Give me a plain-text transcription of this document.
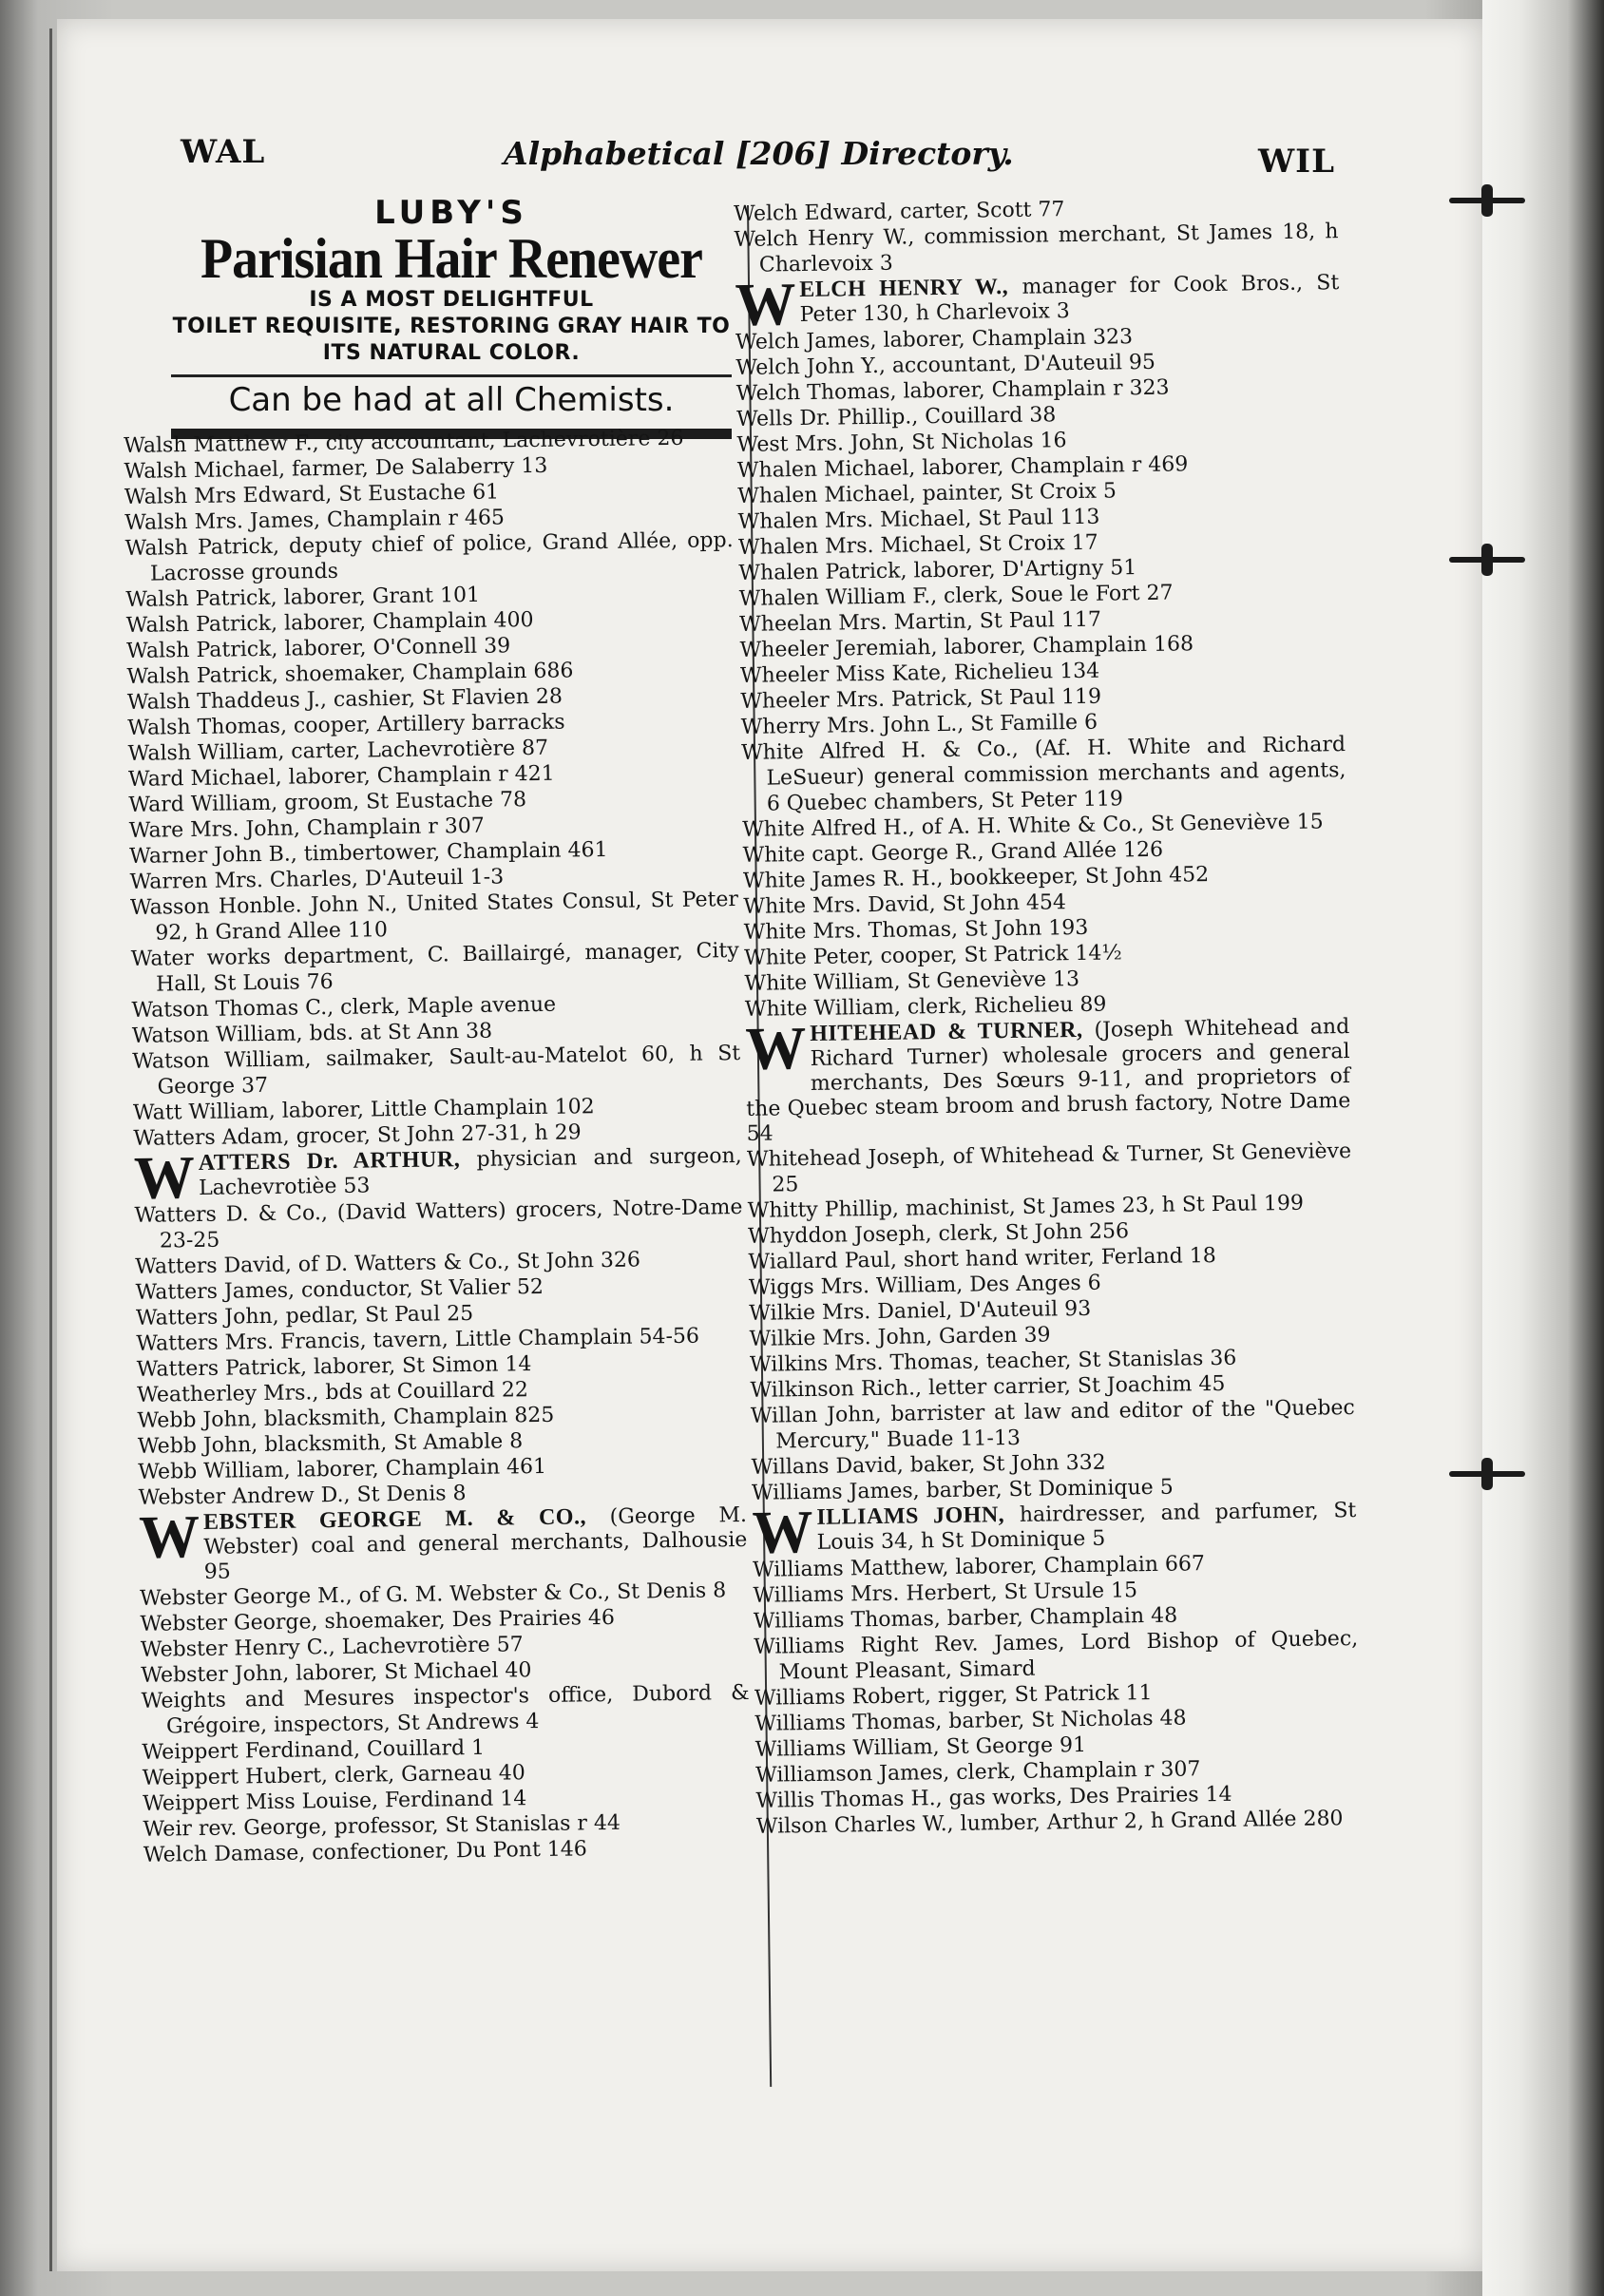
WAL	Alphabetical [206] Directory.	WIL
LUBY'S
Parisian Hair Renewer
IS A MOST DELIGHTFUL
TOILET REQUISITE, RESTORING GRAY HAIR TO
ITS NATURAL COLOR.
Can be had at all Chemists.
Walsh Matthew F., city accountant, Lachevrotière 26
Walsh Michael, farmer, De Salaberry 13
Walsh Mrs Edward, St Eustache 61
Walsh Mrs. James, Champlain r 465
Walsh Patrick, deputy chief of police, Grand Allée, opp. Lacrosse grounds
Walsh Patrick, laborer, Grant 101
Walsh Patrick, laborer, Champlain 400
Walsh Patrick, laborer, O'Connell 39
Walsh Patrick, shoemaker, Champlain 686
Walsh Thaddeus J., cashier, St Flavien 28
Walsh Thomas, cooper, Artillery barracks
Walsh William, carter, Lachevrotière 87
Ward Michael, laborer, Champlain r 421
Ward William, groom, St Eustache 78
Ware Mrs. John, Champlain r 307
Warner John B., timbertower, Champlain 461
Warren Mrs. Charles, D'Auteuil 1-3
Wasson Honble. John N., United States Consul, St Peter 92, h Grand Allee 110
Water works department, C. Baillairgé, manager, City Hall, St Louis 76
Watson Thomas C., clerk, Maple avenue
Watson William, bds. at St Ann 38
Watson William, sailmaker, Sault-au-Matelot 60, h St George 37
Watt William, laborer, Little Champlain 102
Watters Adam, grocer, St John 27-31, h 29
WATTERS Dr. ARTHUR, physician and surgeon, Lachevrotièe 53
Watters D. & Co., (David Watters) grocers, Notre-Dame 23-25
Watters David, of D. Watters & Co., St John 326
Watters James, conductor, St Valier 52
Watters John, pedlar, St Paul 25
Watters Mrs. Francis, tavern, Little Champlain 54-56
Watters Patrick, laborer, St Simon 14
Weatherley Mrs., bds at Couillard 22
Webb John, blacksmith, Champlain 825
Webb John, blacksmith, St Amable 8
Webb William, laborer, Champlain 461
Webster Andrew D., St Denis 8
WEBSTER GEORGE M. & CO., (George M. Webster) coal and general merchants, Dalhousie 95
Webster George M., of G. M. Webster & Co., St Denis 8
Webster George, shoemaker, Des Prairies 46
Webster Henry C., Lachevrotière 57
Webster John, laborer, St Michael 40
Weights and Mesures inspector's office, Dubord & Grégoire, inspectors, St Andrews 4
Weippert Ferdinand, Couillard 1
Weippert Hubert, clerk, Garneau 40
Weippert Miss Louise, Ferdinand 14
Weir rev. George, professor, St Stanislas r 44
Welch Damase, confectioner, Du Pont 146
Welch Edward, carter, Scott 77
Welch Henry W., commission merchant, St James 18, h Charlevoix 3
WELCH HENRY W., manager for Cook Bros., St Peter 130, h Charlevoix 3
Welch James, laborer, Champlain 323
Welch John Y., accountant, D'Auteuil 95
Welch Thomas, laborer, Champlain r 323
Wells Dr. Phillip., Couillard 38
West Mrs. John, St Nicholas 16
Whalen Michael, laborer, Champlain r 469
Whalen Michael, painter, St Croix 5
Whalen Mrs. Michael, St Paul 113
Whalen Mrs. Michael, St Croix 17
Whalen Patrick, laborer, D'Artigny 51
Whalen William F., clerk, Soue le Fort 27
Wheelan Mrs. Martin, St Paul 117
Wheeler Jeremiah, laborer, Champlain 168
Wheeler Miss Kate, Richelieu 134
Wheeler Mrs. Patrick, St Paul 119
Wherry Mrs. John L., St Famille 6
White Alfred H. & Co., (Af. H. White and Richard LeSueur) general commission merchants and agents, 6 Quebec chambers, St Peter 119
White Alfred H., of A. H. White & Co., St Geneviève 15
White capt. George R., Grand Allée 126
White James R. H., bookkeeper, St John 452
White Mrs. David, St John 454
White Mrs. Thomas, St John 193
White Peter, cooper, St Patrick 14½
White William, St Geneviève 13
White William, clerk, Richelieu 89
WHITEHEAD & TURNER, (Joseph Whitehead and Richard Turner) wholesale grocers and general merchants, Des Sœurs 9-11, and proprietors of the Quebec steam broom and brush factory, Notre Dame 54
Whitehead Joseph, of Whitehead & Turner, St Geneviève 25
Whitty Phillip, machinist, St James 23, h St Paul 199
Whyddon Joseph, clerk, St John 256
Wiallard Paul, short hand writer, Ferland 18
Wiggs Mrs. William, Des Anges 6
Wilkie Mrs. Daniel, D'Auteuil 93
Wilkie Mrs. John, Garden 39
Wilkins Mrs. Thomas, teacher, St Stanislas 36
Wilkinson Rich., letter carrier, St Joachim 45
Willan John, barrister at law and editor of the "Quebec Mercury," Buade 11-13
Willans David, baker, St John 332
Williams James, barber, St Dominique 5
WILLIAMS JOHN, hairdresser, and parfumer, St Louis 34, h St Dominique 5
Williams Matthew, laborer, Champlain 667
Williams Mrs. Herbert, St Ursule 15
Williams Thomas, barber, Champlain 48
Williams Right Rev. James, Lord Bishop of Quebec, Mount Pleasant, Simard
Williams Robert, rigger, St Patrick 11
Williams Thomas, barber, St Nicholas 48
Williams William, St George 91
Williamson James, clerk, Champlain r 307
Willis Thomas H., gas works, Des Prairies 14
Wilson Charles W., lumber, Arthur 2, h Grand Allée 280
